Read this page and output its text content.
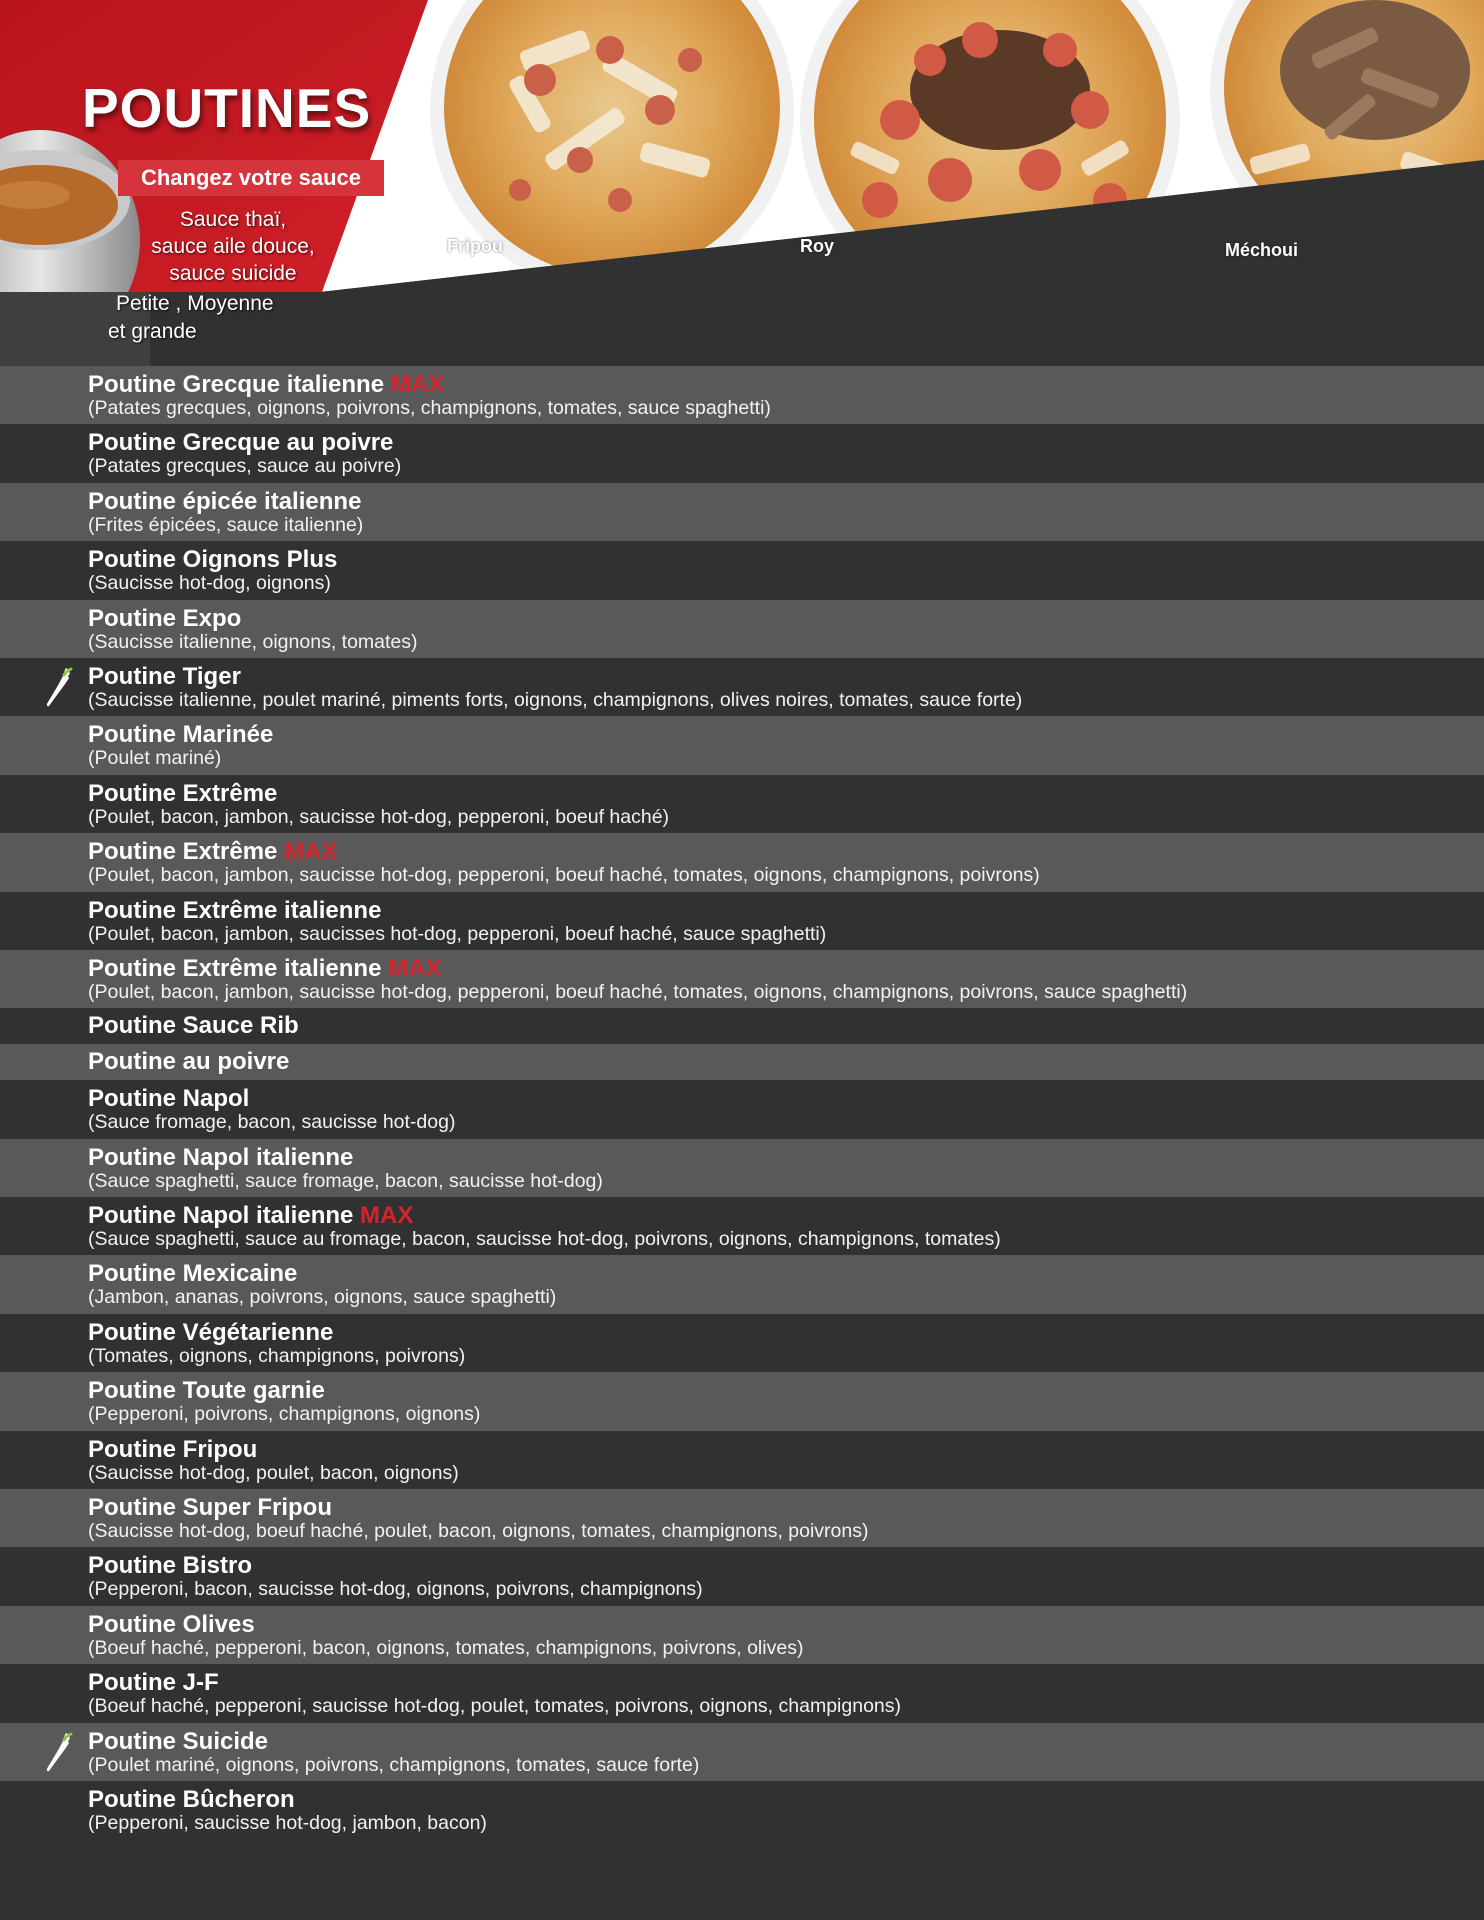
POUTINES
Changez votre sauce
Sauce thaï,
sauce aile douce,
sauce suicide
Petite , Moyenne
et grande
Fripou	Roy	Méchoui
Poutine Grecque italienne MAX
(Patates grecques, oignons, poivrons, champignons, tomates, sauce spaghetti)
Poutine Grecque au poivre
(Patates grecques, sauce au poivre)
Poutine épicée italienne
(Frites épicées, sauce italienne)
Poutine Oignons Plus
(Saucisse hot-dog, oignons)
Poutine Expo
(Saucisse italienne, oignons, tomates)
Poutine Tiger
(Saucisse italienne, poulet mariné, piments forts, oignons, champignons, olives noires, tomates, sauce forte)
Poutine Marinée
(Poulet mariné)
Poutine Extrême
(Poulet, bacon, jambon, saucisse hot-dog, pepperoni, boeuf haché)
Poutine Extrême MAX
(Poulet, bacon, jambon, saucisse hot-dog, pepperoni, boeuf haché, tomates, oignons, champignons, poivrons)
Poutine Extrême italienne
(Poulet, bacon, jambon, saucisses hot-dog, pepperoni, boeuf haché, sauce spaghetti)
Poutine Extrême italienne MAX
(Poulet, bacon, jambon, saucisse hot-dog, pepperoni, boeuf haché, tomates, oignons, champignons, poivrons, sauce spaghetti)
Poutine Sauce Rib
Poutine au poivre
Poutine Napol
(Sauce fromage, bacon, saucisse hot-dog)
Poutine Napol italienne
(Sauce spaghetti, sauce fromage, bacon, saucisse hot-dog)
Poutine Napol italienne MAX
(Sauce spaghetti, sauce au fromage, bacon, saucisse hot-dog, poivrons, oignons, champignons, tomates)
Poutine Mexicaine
(Jambon, ananas, poivrons, oignons, sauce spaghetti)
Poutine Végétarienne
(Tomates, oignons, champignons, poivrons)
Poutine Toute garnie
(Pepperoni, poivrons, champignons, oignons)
Poutine Fripou
(Saucisse hot-dog, poulet, bacon, oignons)
Poutine Super Fripou
(Saucisse hot-dog, boeuf haché, poulet, bacon, oignons, tomates, champignons, poivrons)
Poutine Bistro
(Pepperoni, bacon, saucisse hot-dog, oignons, poivrons, champignons)
Poutine Olives
(Boeuf haché, pepperoni, bacon, oignons, tomates, champignons, poivrons, olives)
Poutine J-F
(Boeuf haché, pepperoni, saucisse hot-dog, poulet, tomates, poivrons, oignons, champignons)
Poutine Suicide
(Poulet mariné, oignons, poivrons, champignons, tomates, sauce forte)
Poutine Bûcheron
(Pepperoni, saucisse hot-dog, jambon, bacon)
